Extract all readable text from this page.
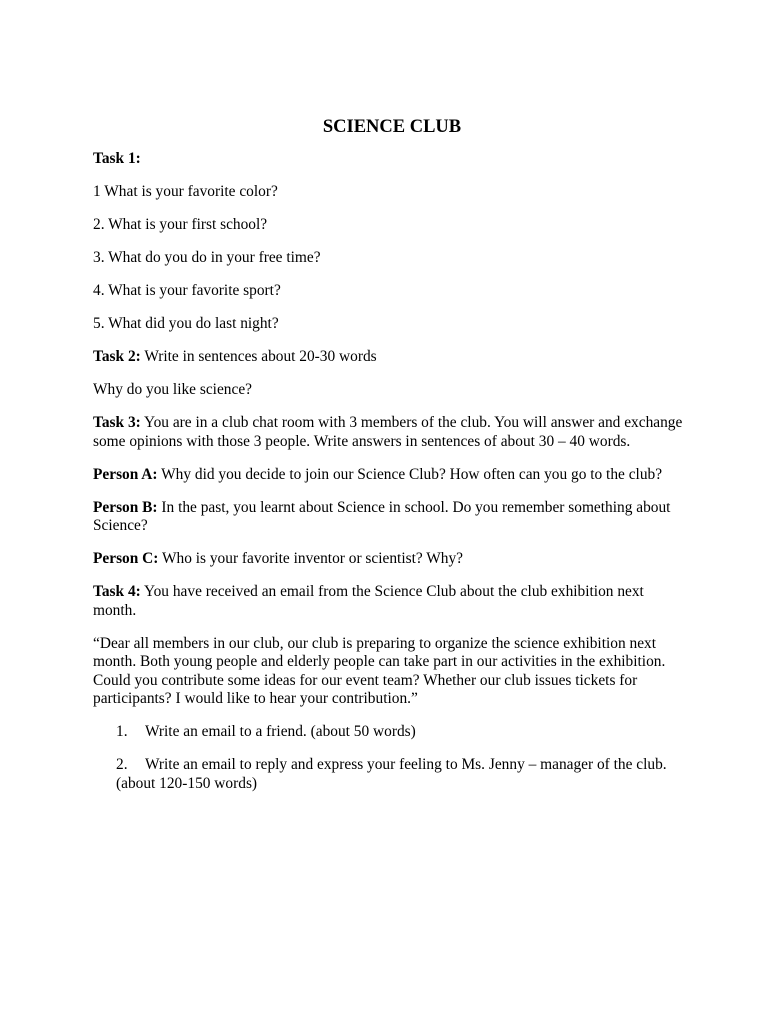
SCIENCE CLUB

Task 1:

1 What is your favorite color?

2. What is your first school?

3. What do you do in your free time?

4. What is your favorite sport?

5. What did you do last night?

Task 2: Write in sentences about 20-30 words

Why do you like science?

Task 3: You are in a club chat room with 3 members of the club. You will answer and exchange some opinions with those 3 people. Write answers in sentences of about 30 – 40 words.

Person A: Why did you decide to join our Science Club? How often can you go to the club?

Person B: In the past, you learnt about Science in school. Do you remember something about Science?

Person C: Who is your favorite inventor or scientist? Why?

Task 4: You have received an email from the Science Club about the club exhibition next month.

“Dear all members in our club, our club is preparing to organize the science exhibition next month. Both young people and elderly people can take part in our activities in the exhibition. Could you contribute some ideas for our event team? Whether our club issues tickets for participants? I would like to hear your contribution.”

1.	Write an email to a friend. (about 50 words)
2.	Write an email to reply and express your feeling to Ms. Jenny – manager of the club. (about 120-150 words)
